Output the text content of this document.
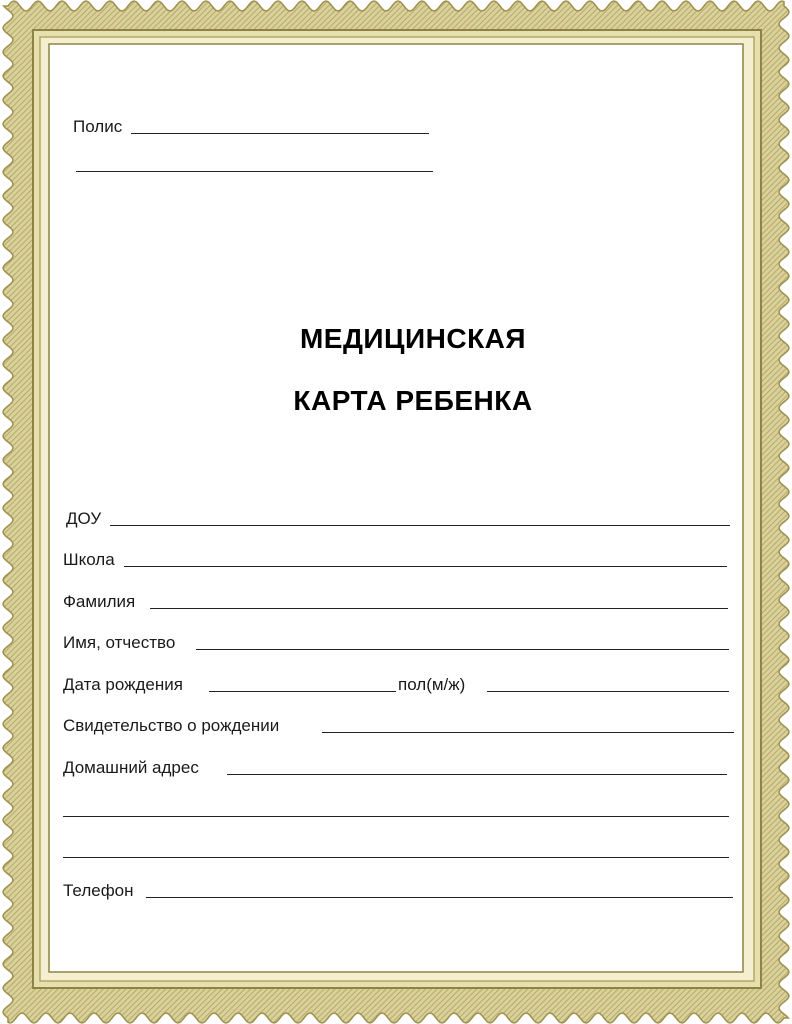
Полис
МЕДИЦИНСКАЯ
КАРТА РЕБЕНКА
ДОУ
Школа
Фамилия
Имя, отчество
Дата рождения	пол(м/ж)
Свидетельство о рождении
Домашний адрес
Телефон
